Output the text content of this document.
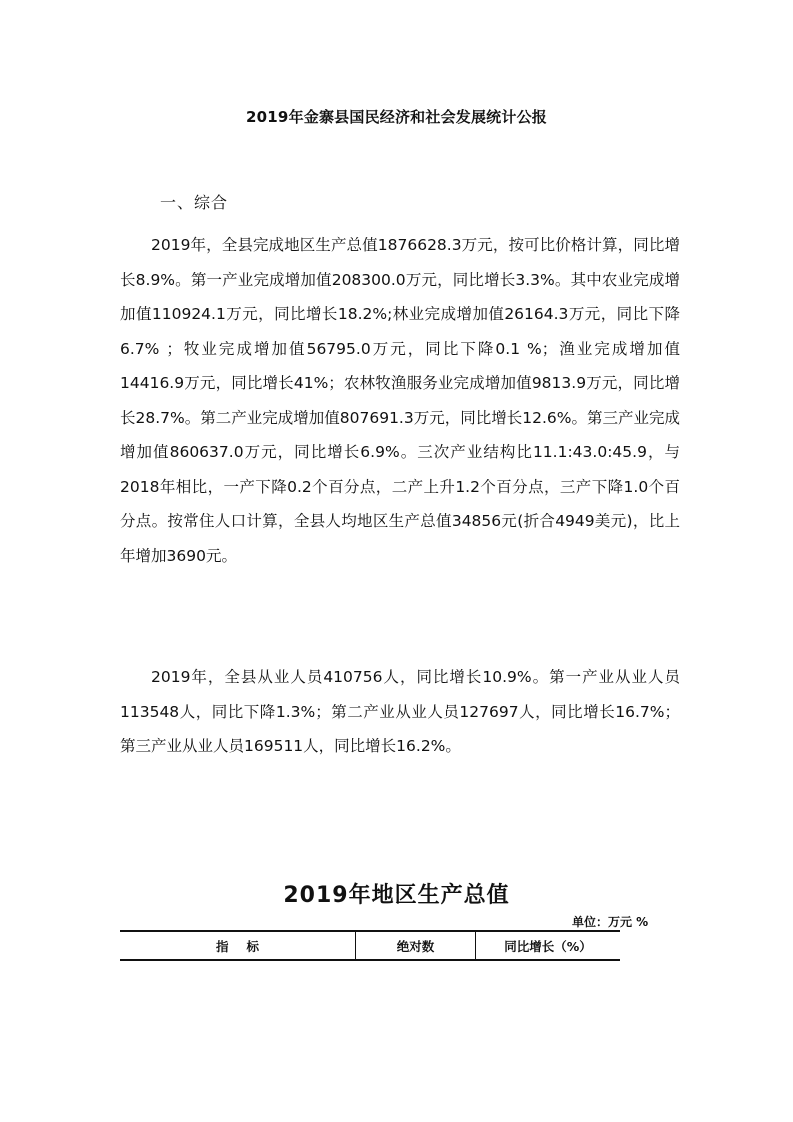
2019年金寨县国民经济和社会发展统计公报
一、综合

2019年，全县完成地区生产总值1876628.3万元，按可比价格计算，同比增长8.9%。第一产业完成增加值208300.0万元，同比增长3.3%。其中农业完成增加值110924.1万元，同比增长18.2%;林业完成增加值26164.3万元，同比下降6.7% ；牧业完成增加值56795.0万元，同比下降0.1 %；渔业完成增加值14416.9万元，同比增长41%；农林牧渔服务业完成增加值9813.9万元，同比增长28.7%。第二产业完成增加值807691.3万元，同比增长12.6%。第三产业完成增加值860637.0万元，同比增长6.9%。三次产业结构比11.1:43.0:45.9，与2018年相比，一产下降0.2个百分点，二产上升1.2个百分点，三产下降1.0个百分点。按常住人口计算，全县人均地区生产总值34856元(折合4949美元)，比上年增加3690元。

2019年，全县从业人员410756人，同比增长10.9%。第一产业从业人员113548人，同比下降1.3%；第二产业从业人员127697人，同比增长16.7%；第三产业从业人员169511人，同比增长16.2%。

2019年地区生产总值
单位：万元 %
指标	绝对数	同比增长（%）
